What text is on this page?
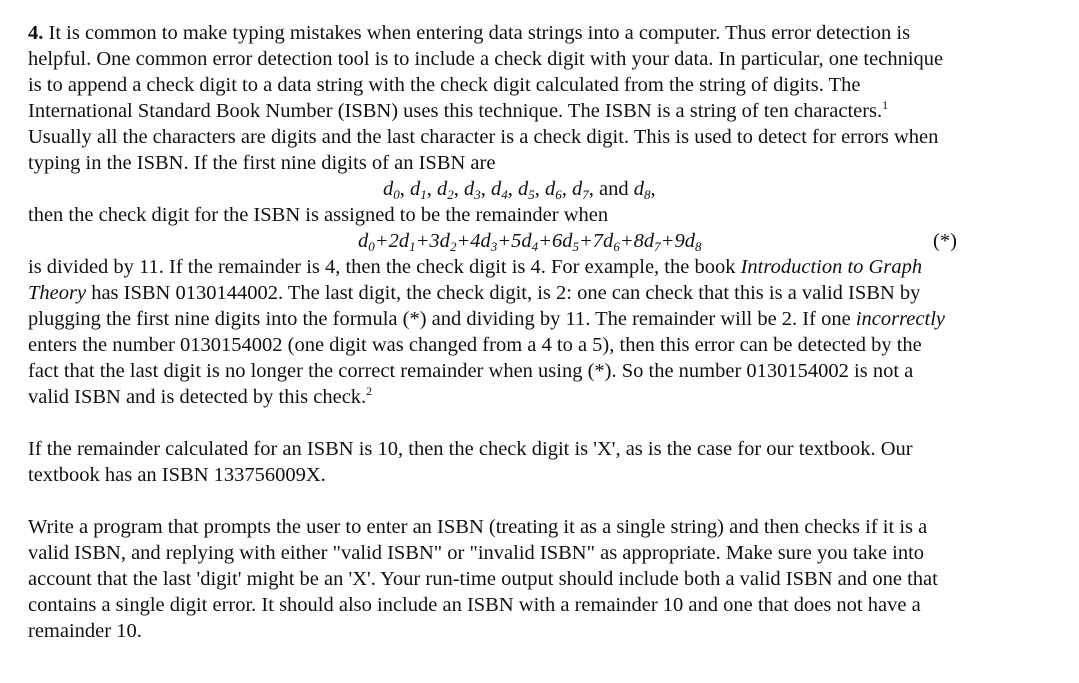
4. It is common to make typing mistakes when entering data strings into a computer. Thus error detection is
helpful. One common error detection tool is to include a check digit with your data. In particular, one technique
is to append a check digit to a data string with the check digit calculated from the string of digits. The
International Standard Book Number (ISBN) uses this technique. The ISBN is a string of ten characters.$^1$
Usually all the characters are digits and the last character is a check digit. This is used to detect for errors when
typing in the ISBN. If the first nine digits of an ISBN are
$d_0$, $d_1$, $d_2$, $d_3$, $d_4$, $d_5$, $d_6$, $d_7$, and $d_8$,
then the check digit for the ISBN is assigned to be the remainder when
$d_0+2d_1+3d_2+4d_3+5d_4+6d_5+7d_6+8d_7+9d_8$	(*)
is divided by 11. If the remainder is 4, then the check digit is 4. For example, the book Introduction to Graph
Theory has ISBN 0130144002. The last digit, the check digit, is 2: one can check that this is a valid ISBN by
plugging the first nine digits into the formula (*) and dividing by 11. The remainder will be 2. If one incorrectly
enters the number 0130154002 (one digit was changed from a 4 to a 5), then this error can be detected by the
fact that the last digit is no longer the correct remainder when using (*). So the number 0130154002 is not a
valid ISBN and is detected by this check.$^2$
If the remainder calculated for an ISBN is 10, then the check digit is 'X', as is the case for our textbook. Our
textbook has an ISBN 133756009X.
Write a program that prompts the user to enter an ISBN (treating it as a single string) and then checks if it is a
valid ISBN, and replying with either "valid ISBN" or "invalid ISBN" as appropriate. Make sure you take into
account that the last 'digit' might be an 'X'. Your run-time output should include both a valid ISBN and one that
contains a single digit error. It should also include an ISBN with a remainder 10 and one that does not have a
remainder 10.
